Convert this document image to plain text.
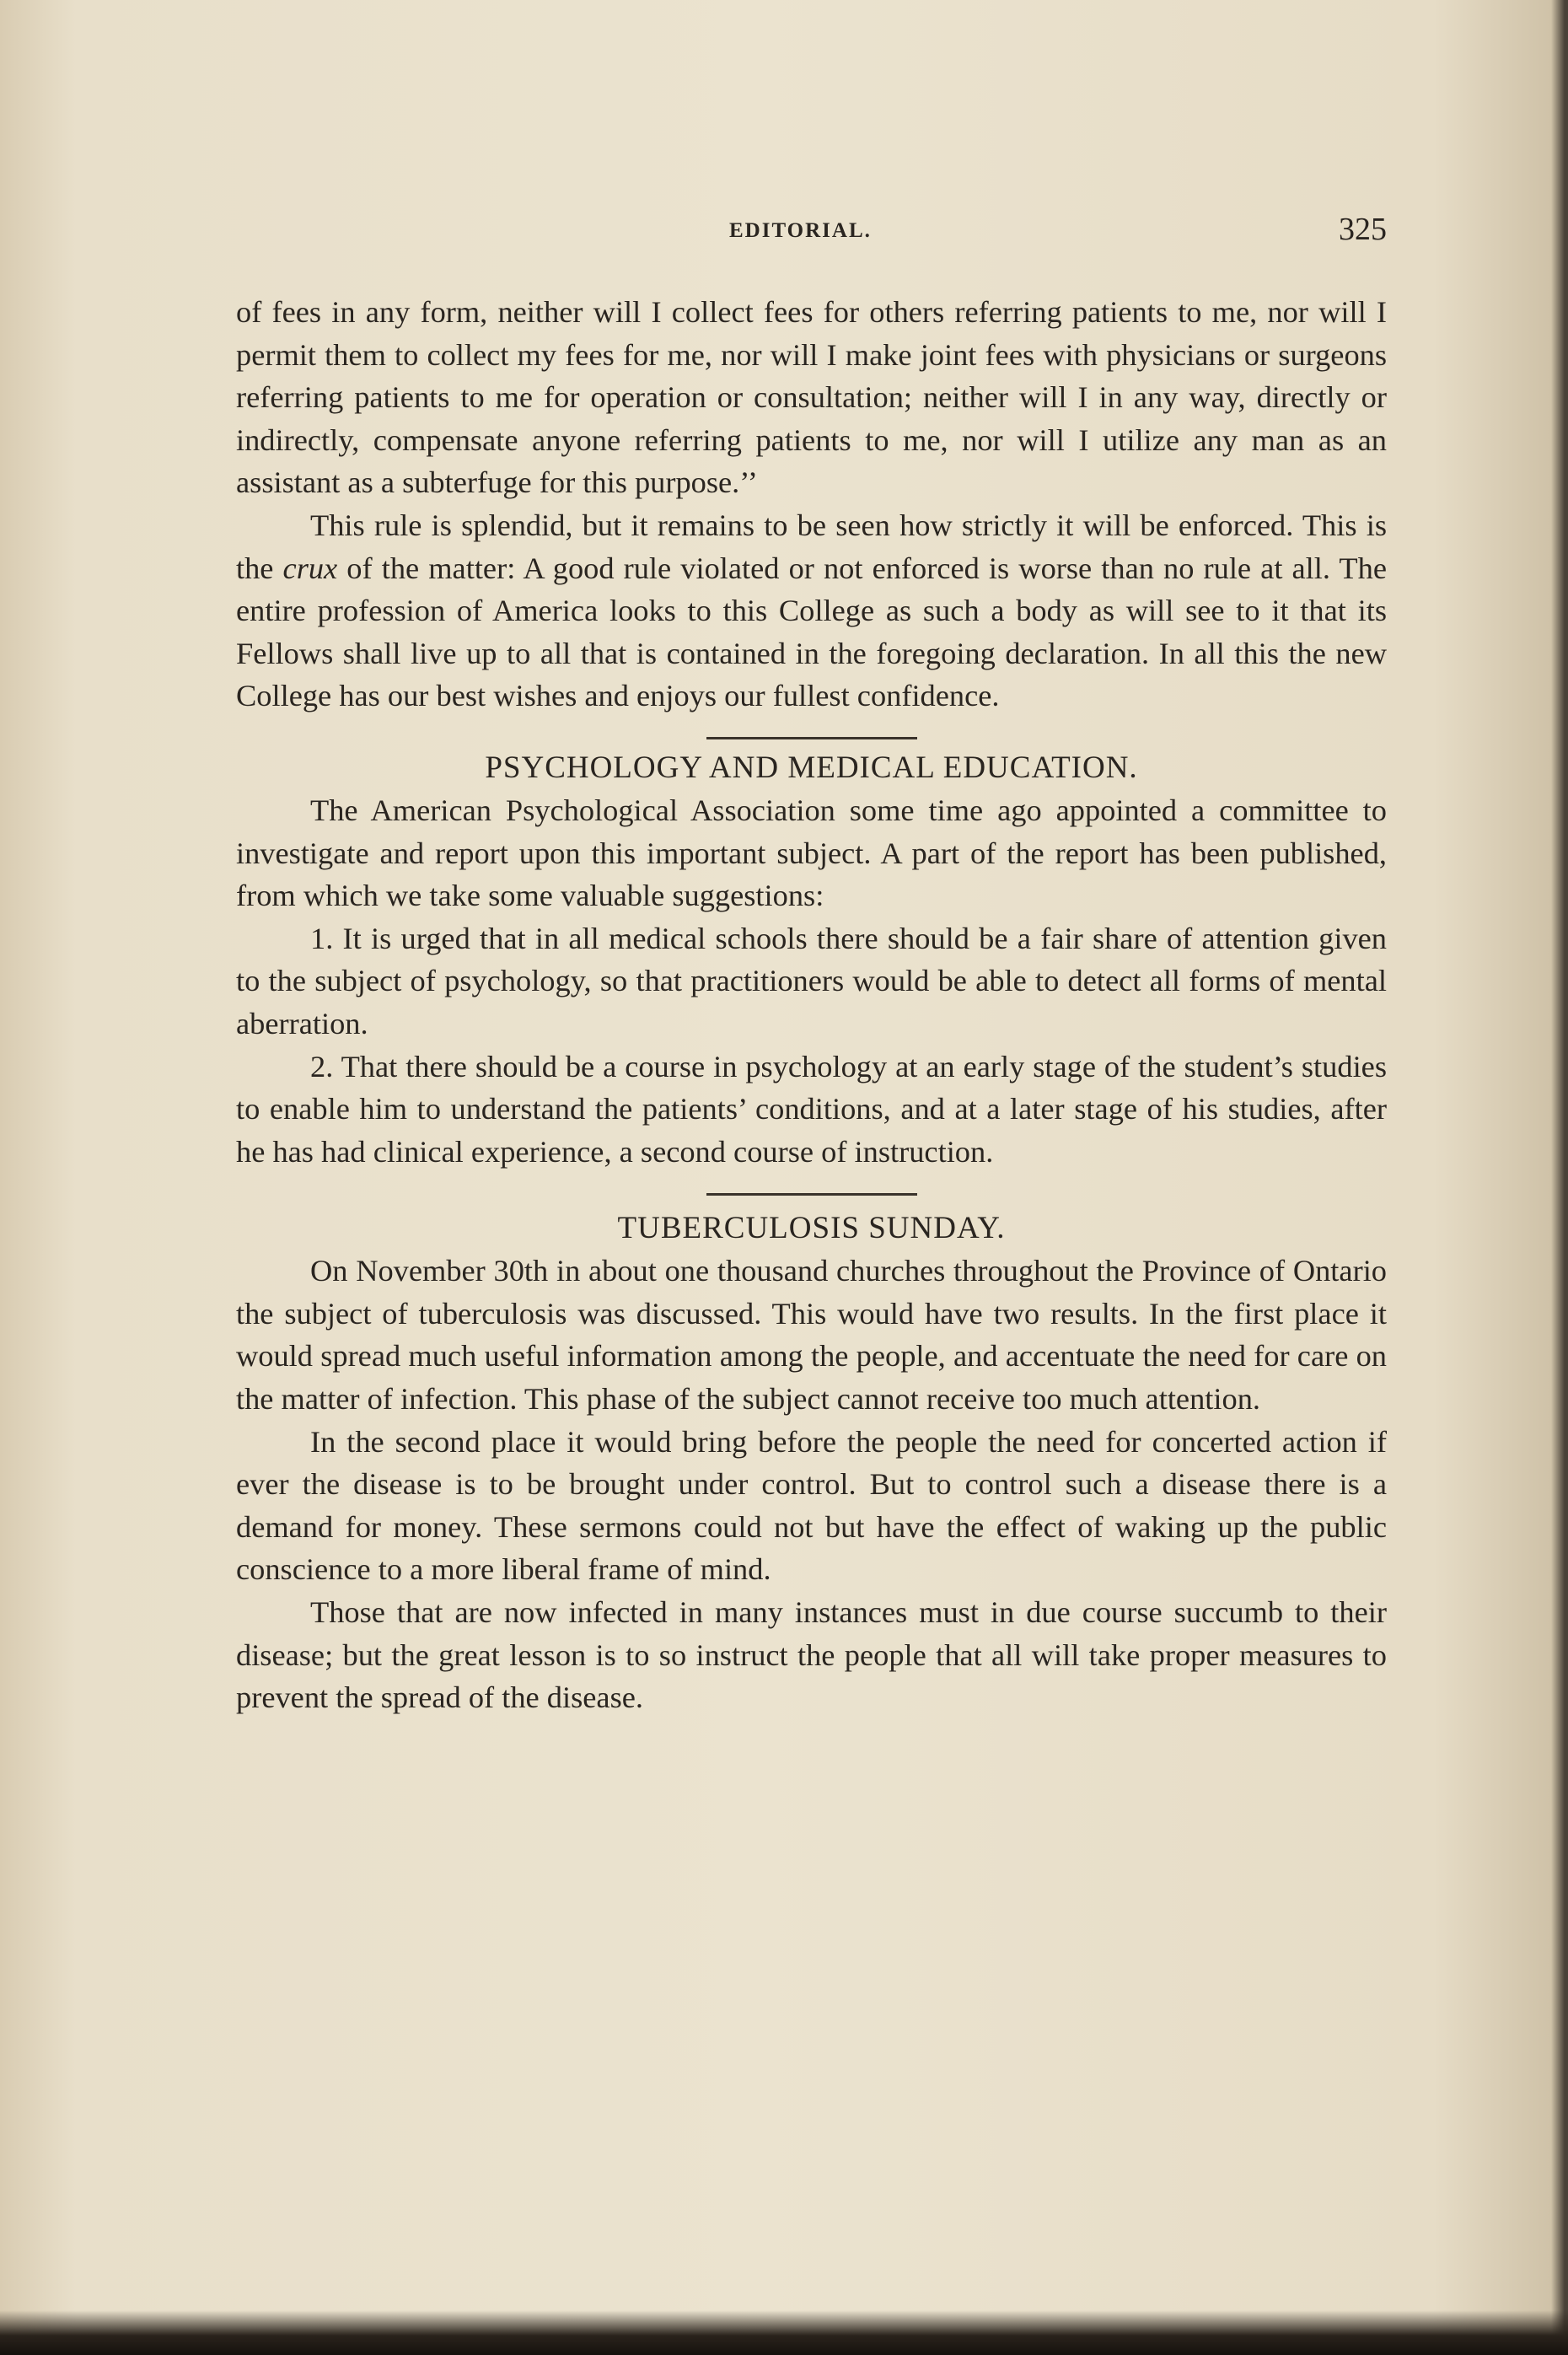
EDITORIAL.	325

of fees in any form, neither will I collect fees for others referring patients to me, nor will I permit them to collect my fees for me, nor will I make joint fees with physicians or surgeons referring patients to me for operation or consultation; neither will I in any way, directly or indirectly, compensate anyone referring patients to me, nor will I utilize any man as an assistant as a subterfuge for this purpose.’’

This rule is splendid, but it remains to be seen how strictly it will be enforced. This is the crux of the matter: A good rule violated or not enforced is worse than no rule at all. The entire profession of America looks to this College as such a body as will see to it that its Fellows shall live up to all that is contained in the foregoing declaration. In all this the new College has our best wishes and enjoys our fullest confidence.

PSYCHOLOGY AND MEDICAL EDUCATION.

The American Psychological Association some time ago appointed a committee to investigate and report upon this important subject. A part of the report has been published, from which we take some valuable suggestions:

1. It is urged that in all medical schools there should be a fair share of attention given to the subject of psychology, so that practitioners would be able to detect all forms of mental aberration.

2. That there should be a course in psychology at an early stage of the student’s studies to enable him to understand the patients’ conditions, and at a later stage of his studies, after he has had clinical experience, a second course of instruction.

TUBERCULOSIS SUNDAY.

On November 30th in about one thousand churches throughout the Province of Ontario the subject of tuberculosis was discussed. This would have two results. In the first place it would spread much useful information among the people, and accentuate the need for care on the matter of infection. This phase of the subject cannot receive too much attention.

In the second place it would bring before the people the need for concerted action if ever the disease is to be brought under control. But to control such a disease there is a demand for money. These sermons could not but have the effect of waking up the public conscience to a more liberal frame of mind.

Those that are now infected in many instances must in due course succumb to their disease; but the great lesson is to so instruct the people that all will take proper measures to prevent the spread of the disease.
